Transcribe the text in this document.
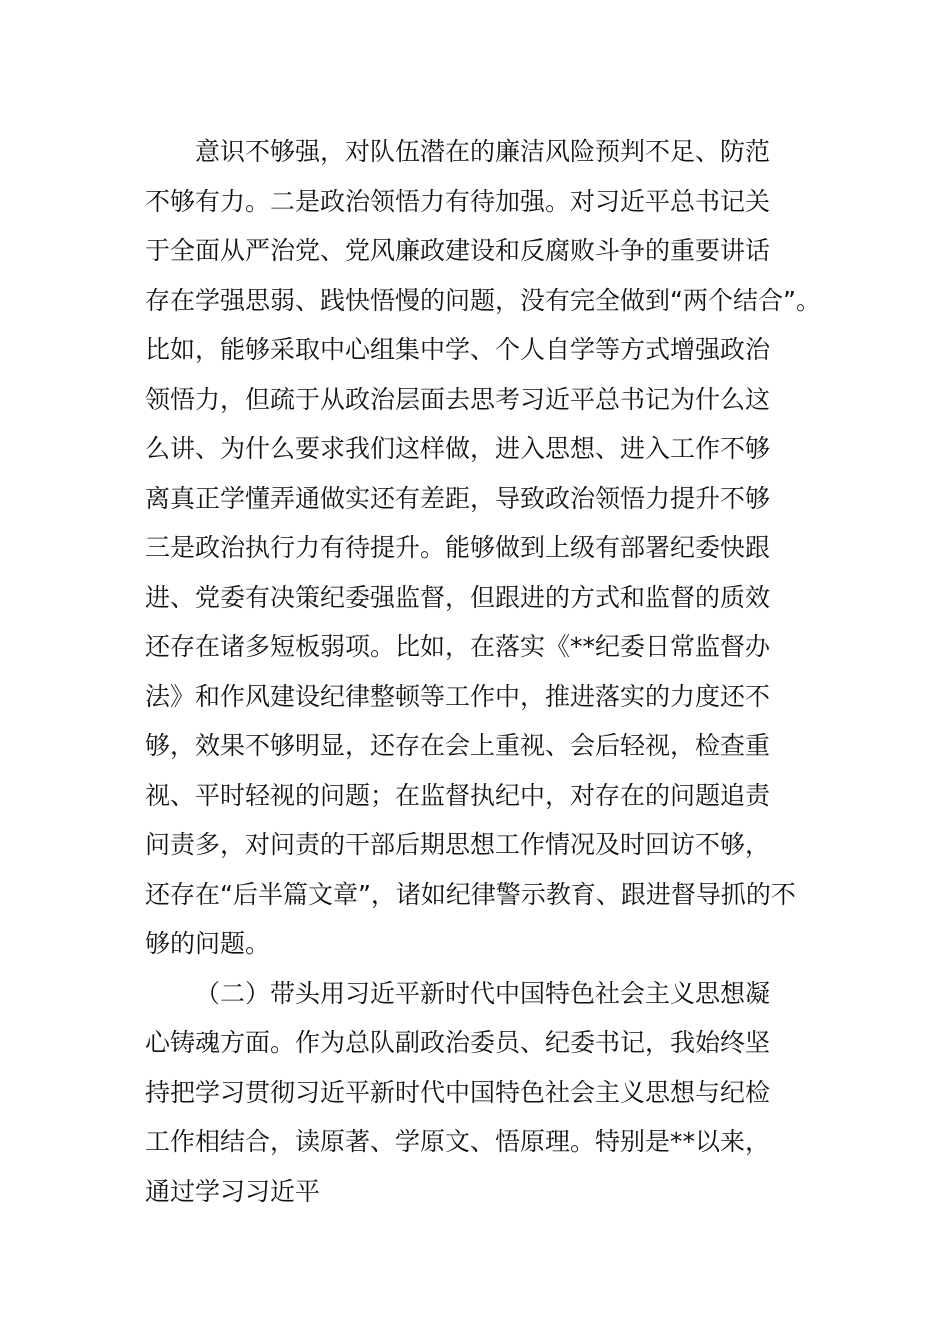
意识不够强，对队伍潜在的廉洁风险预判不足、防范
不够有力。二是政治领悟力有待加强。对习近平总书记关
于全面从严治党、党风廉政建设和反腐败斗争的重要讲话
存在学强思弱、践快悟慢的问题，没有完全做到“两个结合”。
比如，能够采取中心组集中学、个人自学等方式增强政治
领悟力，但疏于从政治层面去思考习近平总书记为什么这
么讲、为什么要求我们这样做，进入思想、进入工作不够
离真正学懂弄通做实还有差距，导致政治领悟力提升不够
三是政治执行力有待提升。能够做到上级有部署纪委快跟
进、党委有决策纪委强监督，但跟进的方式和监督的质效
还存在诸多短板弱项。比如，在落实《**纪委日常监督办
法》和作风建设纪律整顿等工作中，推进落实的力度还不
够，效果不够明显，还存在会上重视、会后轻视，检查重
视、平时轻视的问题；在监督执纪中，对存在的问题追责
问责多，对问责的干部后期思想工作情况及时回访不够，
还存在“后半篇文章”，诸如纪律警示教育、跟进督导抓的不
够的问题。
（二）带头用习近平新时代中国特色社会主义思想凝
心铸魂方面。作为总队副政治委员、纪委书记，我始终坚
持把学习贯彻习近平新时代中国特色社会主义思想与纪检
工作相结合，读原著、学原文、悟原理。特别是**以来，
通过学习习近平
